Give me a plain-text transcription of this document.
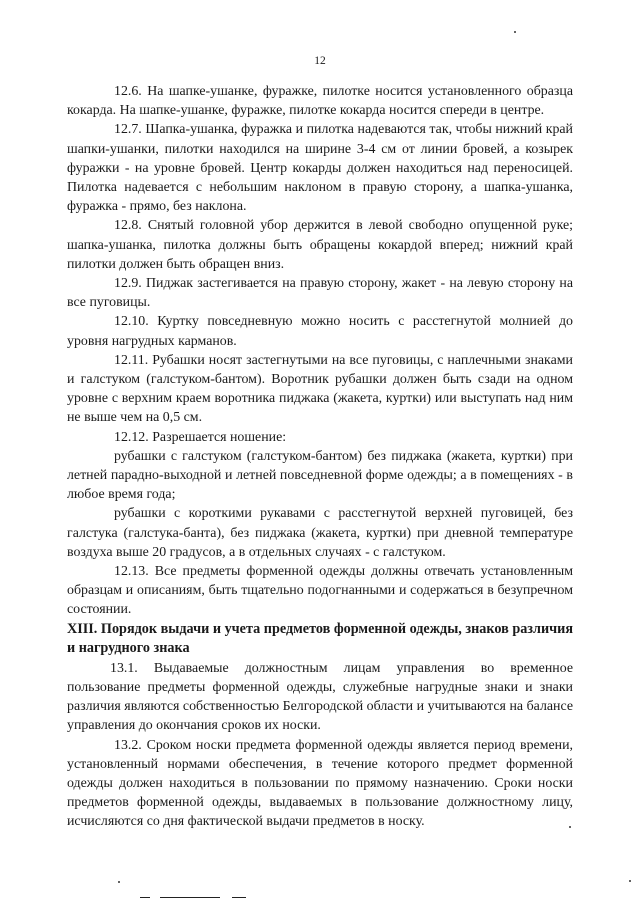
12

12.6. На шапке-ушанке, фуражке, пилотке носится установленного образца кокарда. На шапке-ушанке, фуражке, пилотке кокарда носится спереди в центре.

12.7. Шапка-ушанка, фуражка и пилотка надеваются так, чтобы нижний край шапки-ушанки, пилотки находился на ширине 3-4 см от линии бровей, а козырек фуражки - на уровне бровей. Центр кокарды должен находиться над переносицей. Пилотка надевается с небольшим наклоном в правую сторону, а шапка-ушанка, фуражка - прямо, без наклона.

12.8. Снятый головной убор держится в левой свободно опущенной руке; шапка-ушанка, пилотка должны быть обращены кокардой вперед; нижний край пилотки должен быть обращен вниз.

12.9. Пиджак застегивается на правую сторону, жакет - на левую сторону на все пуговицы.

12.10. Куртку повседневную можно носить с расстегнутой молнией до уровня нагрудных карманов.

12.11. Рубашки носят застегнутыми на все пуговицы, с наплечными знаками и галстуком (галстуком-бантом). Воротник рубашки должен быть сзади на одном уровне с верхним краем воротника пиджака (жакета, куртки) или выступать над ним не выше чем на 0,5 см.

12.12. Разрешается ношение:

рубашки с галстуком (галстуком-бантом) без пиджака (жакета, куртки) при летней парадно-выходной и летней повседневной форме одежды; а в помещениях - в любое время года;

рубашки с короткими рукавами с расстегнутой верхней пуговицей, без галстука (галстука-банта), без пиджака (жакета, куртки) при дневной температуре воздуха выше 20 градусов, а в отдельных случаях - с галстуком.

12.13. Все предметы форменной одежды должны отвечать установленным образцам и описаниям, быть тщательно подогнанными и содержаться в безупречном состоянии.

XIII. Порядок выдачи и учета предметов форменной одежды, знаков различия и нагрудного знака

13.1. Выдаваемые должностным лицам управления во временное пользование предметы форменной одежды, служебные нагрудные знаки и знаки различия являются собственностью Белгородской области и учитываются на балансе управления до окончания сроков их носки.

13.2. Сроком носки предмета форменной одежды является период времени, установленный нормами обеспечения, в течение которого предмет форменной одежды должен находиться в пользовании по прямому назначению. Сроки носки предметов форменной одежды, выдаваемых в пользование должностному лицу, исчисляются со дня фактической выдачи предметов в носку.
